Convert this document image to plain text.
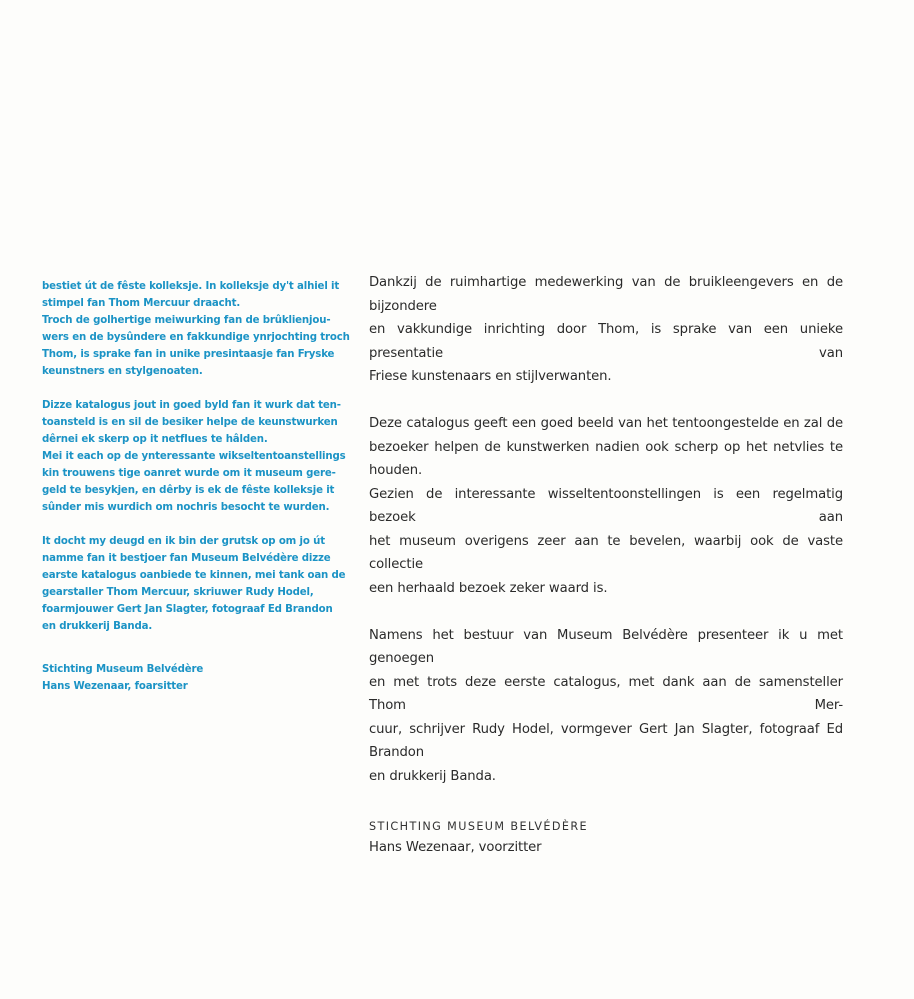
bestiet út de fêste kolleksje. In kolleksje dy't alhiel it
stimpel fan Thom Mercuur draacht.
Troch de golhertige meiwurking fan de brûklienjou-
wers en de bysûndere en fakkundige ynrjochting troch
Thom, is sprake fan in unike presintaasje fan Fryske
keunstners en stylgenoaten.
Dizze katalogus jout in goed byld fan it wurk dat ten-
toansteld is en sil de besiker helpe de keunstwurken
dêrnei ek skerp op it netflues te hâlden.
Mei it each op de ynteressante wikseltentoanstellings
kin trouwens tige oanret wurde om it museum gere-
geld te besykjen, en dêrby is ek de fêste kolleksje it
sûnder mis wurdich om nochris besocht te wurden.
It docht my deugd en ik bin der grutsk op om jo út
namme fan it bestjoer fan Museum Belvédère dizze
earste katalogus oanbiede te kinnen, mei tank oan de
gearstaller Thom Mercuur, skriuwer Rudy Hodel,
foarmjouwer Gert Jan Slagter, fotograaf Ed Brandon
en drukkerij Banda.
Stichting Museum Belvédère
Hans Wezenaar, foarsitter
Dankzij de ruimhartige medewerking van de bruikleengevers en de bijzondere
en vakkundige inrichting door Thom, is sprake van een unieke presentatie van
Friese kunstenaars en stijlverwanten.
Deze catalogus geeft een goed beeld van het tentoongestelde en zal de
bezoeker helpen de kunstwerken nadien ook scherp op het netvlies te houden.
Gezien de interessante wisseltentoonstellingen is een regelmatig bezoek aan
het museum overigens zeer aan te bevelen, waarbij ook de vaste collectie
een herhaald bezoek zeker waard is.
Namens het bestuur van Museum Belvédère presenteer ik u met genoegen
en met trots deze eerste catalogus, met dank aan de samensteller Thom Mer-
cuur, schrijver Rudy Hodel, vormgever Gert Jan Slagter, fotograaf Ed Brandon
en drukkerij Banda.
STICHTING MUSEUM BELVÉDÈRE
Hans Wezenaar, voorzitter
